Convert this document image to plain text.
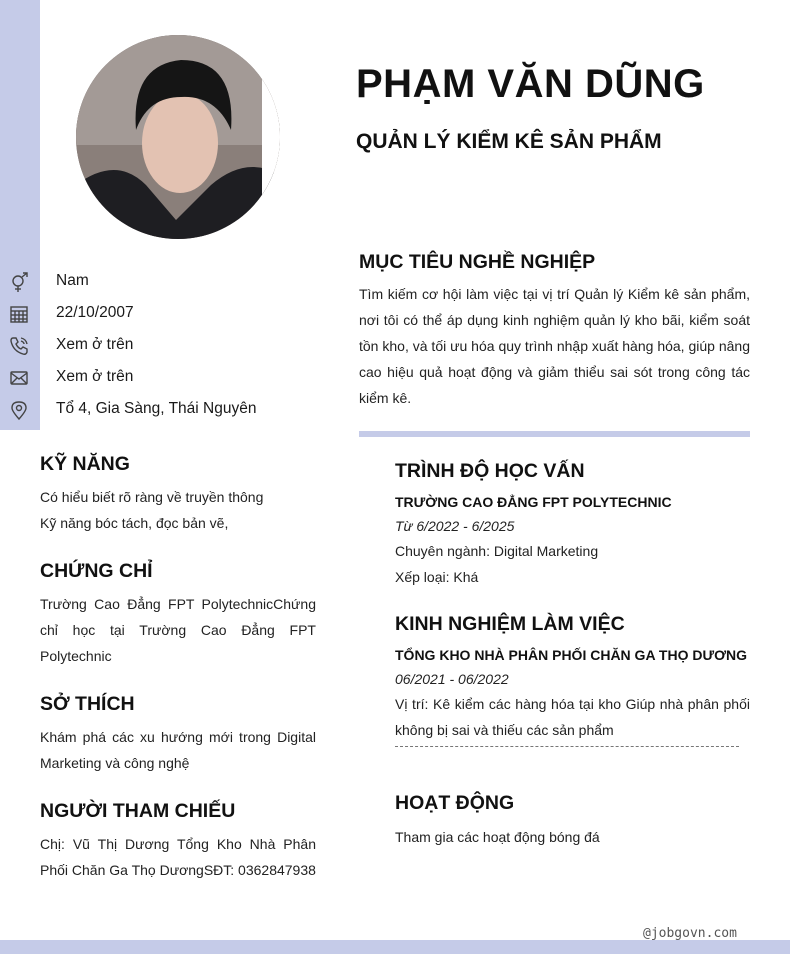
PHẠM VĂN DŨNG
QUẢN LÝ KIỂM KÊ SẢN PHẨM
Nam
22/10/2007
Xem ở trên
Xem ở trên
Tổ 4, Gia Sàng, Thái Nguyên
MỤC TIÊU NGHỀ NGHIỆP
Tìm kiếm cơ hội làm việc tại vị trí Quản lý Kiểm kê sản phẩm, nơi tôi có thể áp dụng kinh nghiệm quản lý kho bãi, kiểm soát tồn kho, và tối ưu hóa quy trình nhập xuất hàng hóa, giúp nâng cao hiệu quả hoạt động và giảm thiểu sai sót trong công tác kiểm kê.
KỸ NĂNG
Có hiểu biết rõ ràng về truyền thông
Kỹ năng bóc tách, đọc bản vẽ,
CHỨNG CHỈ
Trường Cao Đẳng FPT PolytechnicChứng chỉ học tại Trường Cao Đẳng FPT Polytechnic
SỞ THÍCH
Khám phá các xu hướng mới trong Digital Marketing và công nghệ
NGƯỜI THAM CHIẾU
Chị: Vũ Thị Dương Tổng Kho Nhà Phân Phối Chăn Ga Thọ DươngSĐT: 0362847938
TRÌNH ĐỘ HỌC VẤN
TRƯỜNG CAO ĐẲNG FPT POLYTECHNIC
Từ 6/2022 - 6/2025
Chuyên ngành: Digital Marketing
Xếp loại: Khá
KINH NGHIỆM LÀM VIỆC
TỔNG KHO NHÀ PHÂN PHỐI CHĂN GA THỌ DƯƠNG
06/2021 - 06/2022
Vị trí: Kê kiểm các hàng hóa tại kho Giúp nhà phân phối không bị sai và thiếu các sản phẩm
HOẠT ĐỘNG
Tham gia các hoạt động bóng đá
@jobgovn.com
